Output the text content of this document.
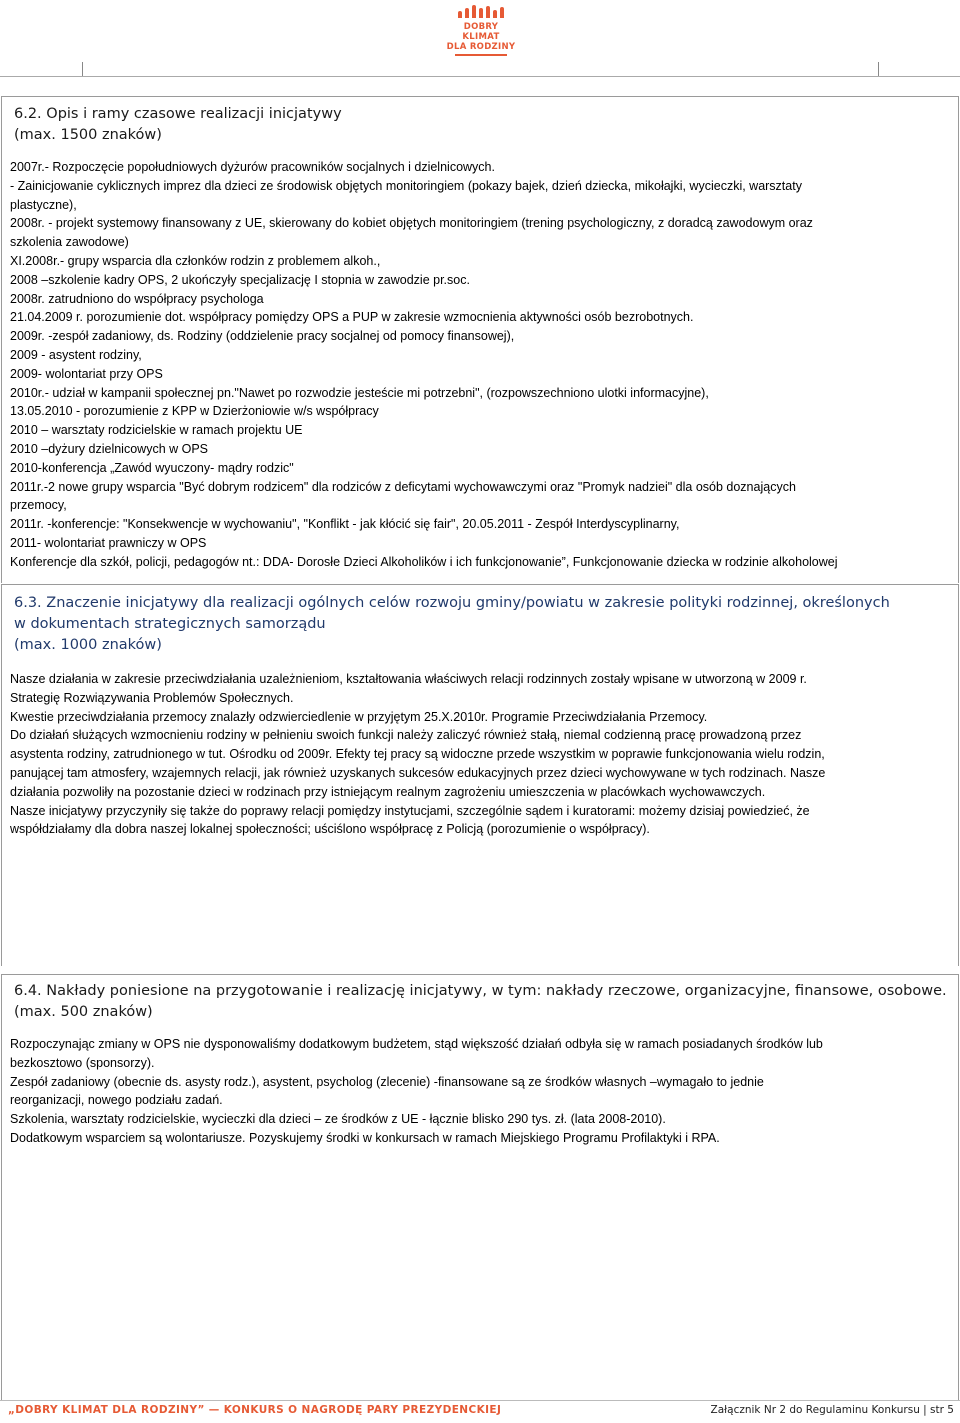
DOBRY KLIMAT
DLA RODZINY
6.2. Opis i ramy czasowe realizacji inicjatywy
(max. 1500 znaków)

2007r.- Rozpoczęcie popołudniowych dyżurów pracowników socjalnych i dzielnicowych.

- Zainicjowanie cyklicznych imprez dla dzieci ze środowisk objętych monitoringiem (pokazy bajek, dzień dziecka, mikołajki, wycieczki, warsztaty

plastyczne),

2008r. - projekt systemowy finansowany z UE, skierowany do kobiet objętych monitoringiem (trening psychologiczny, z doradcą zawodowym oraz

szkolenia zawodowe)

XI.2008r.- grupy wsparcia dla członków rodzin z problemem alkoh.,

2008 –szkolenie kadry OPS, 2 ukończyły specjalizację I stopnia w zawodzie pr.soc.

2008r. zatrudniono do współpracy psychologa

21.04.2009 r. porozumienie dot. współpracy pomiędzy OPS a PUP w zakresie wzmocnienia aktywności osób bezrobotnych.

2009r. -zespół zadaniowy, ds. Rodziny (oddzielenie pracy socjalnej od pomocy finansowej),

2009 - asystent rodziny,

2009- wolontariat przy OPS

2010r.- udział w kampanii społecznej pn."Nawet po rozwodzie jesteście mi potrzebni", (rozpowszechniono ulotki informacyjne),

13.05.2010 - porozumienie z KPP w Dzierżoniowie w/s współpracy

2010 – warsztaty rodzicielskie w ramach projektu UE

2010 –dyżury dzielnicowych w OPS

2010-konferencja „Zawód wyuczony- mądry rodzic"

2011r.-2 nowe grupy wsparcia "Być dobrym rodzicem" dla rodziców z deficytami wychowawczymi oraz "Promyk nadziei" dla osób doznających

przemocy,

2011r. -konferencje: "Konsekwencje w wychowaniu", "Konflikt - jak kłócić się fair", 20.05.2011 - Zespół Interdyscyplinarny,

2011- wolontariat prawniczy w OPS

Konferencje dla szkół, policji, pedagogów nt.: DDA- Dorosłe Dzieci Alkoholików i ich funkcjonowanie”, Funkcjonowanie dziecka w rodzinie alkoholowej

6.3. Znaczenie inicjatywy dla realizacji ogólnych celów rozwoju gminy/powiatu w zakresie polityki rodzinnej, określonych
w dokumentach strategicznych samorządu
(max. 1000 znaków)

Nasze działania w zakresie przeciwdziałania uzależnieniom, kształtowania właściwych relacji rodzinnych zostały wpisane w utworzoną w 2009 r.

Strategię Rozwiązywania Problemów Społecznych.

Kwestie przeciwdziałania przemocy znalazły odzwierciedlenie w przyjętym 25.X.2010r. Programie Przeciwdziałania Przemocy.

Do działań służących wzmocnieniu rodziny w pełnieniu swoich funkcji należy zaliczyć również stałą, niemal codzienną pracę prowadzoną przez

asystenta rodziny, zatrudnionego w tut. Ośrodku od 2009r. Efekty tej pracy są widoczne przede wszystkim w poprawie funkcjonowania wielu rodzin,

panującej tam atmosfery, wzajemnych relacji, jak również uzyskanych sukcesów edukacyjnych przez dzieci wychowywane w tych rodzinach. Nasze

działania pozwoliły na pozostanie dzieci w rodzinach przy istniejącym realnym zagrożeniu umieszczenia w placówkach wychowawczych.

Nasze inicjatywy przyczyniły się także do poprawy relacji pomiędzy instytucjami, szczególnie sądem i kuratorami: możemy dzisiaj powiedzieć, że

współdziałamy dla dobra naszej lokalnej społeczności; uściślono współpracę z Policją (porozumienie o współpracy).

6.4. Nakłady poniesione na przygotowanie i realizację inicjatywy, w tym: nakłady rzeczowe, organizacyjne, finansowe, osobowe.
(max. 500 znaków)

Rozpoczynając zmiany w OPS nie dysponowaliśmy dodatkowym budżetem, stąd większość działań odbyła się w ramach posiadanych środków lub

bezkosztowo (sponsorzy).

Zespół zadaniowy (obecnie ds. asysty rodz.), asystent, psycholog (zlecenie) -finansowane są ze środków własnych –wymagało to jednie

reorganizacji, nowego podziału zadań.

Szkolenia, warsztaty rodzicielskie, wycieczki dla dzieci – ze środków z UE - łącznie blisko 290 tys. zł. (lata 2008-2010).

Dodatkowym wsparciem są wolontariusze. Pozyskujemy środki w konkursach w ramach Miejskiego Programu Profilaktyki i RPA.

„DOBRY KLIMAT DLA RODZINY” — KONKURS O NAGRODĘ PARY PREZYDENCKIEJ	Załącznik Nr 2 do Regulaminu Konkursu | str 5
